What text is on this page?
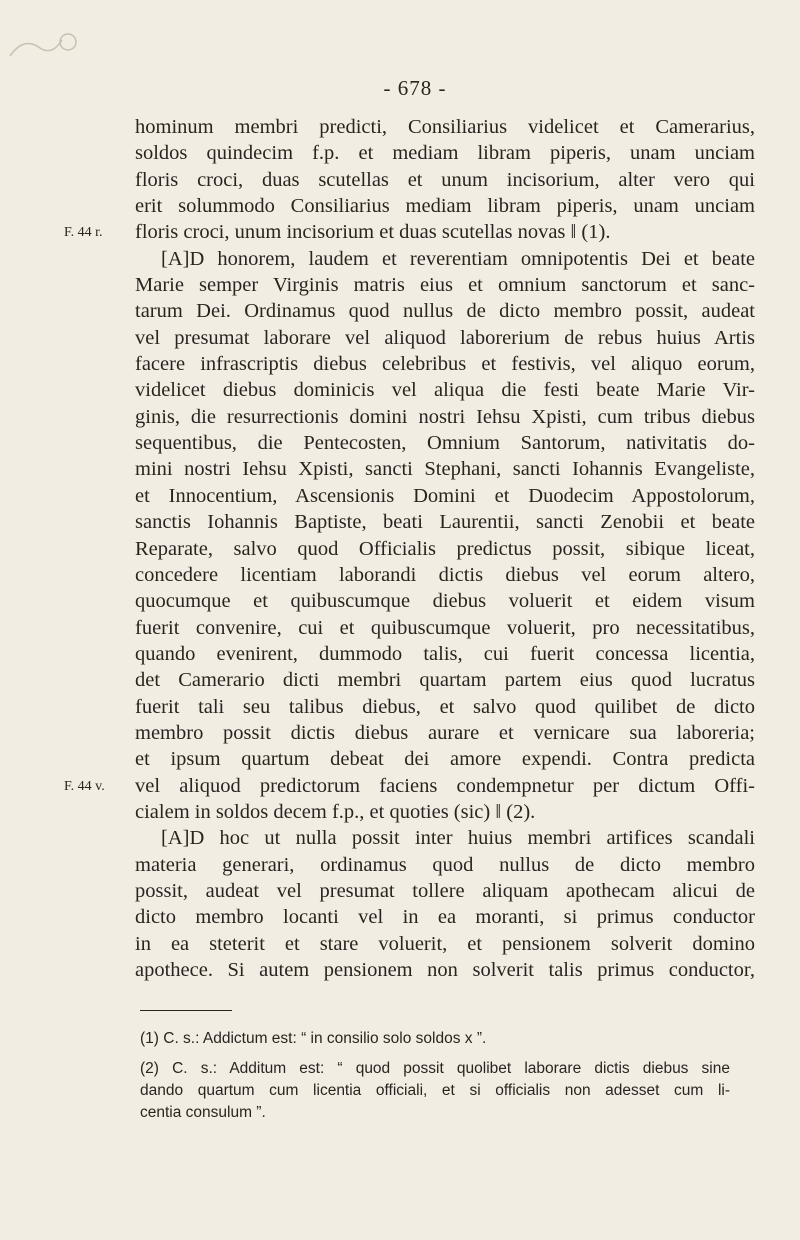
- 678 -
F. 44 r.
F. 44 v.
hominum membri predicti, Consiliarius videlicet et Camerarius,
soldos quindecim f.p. et mediam libram piperis, unam unciam
floris croci, duas scutellas et unum incisorium, alter vero qui
erit solummodo Consiliarius mediam libram piperis, unam unciam
floris croci, unum incisorium et duas scutellas novas ‖ (1).
[A]D honorem, laudem et reverentiam omnipotentis Dei et beate
Marie semper Virginis matris eius et omnium sanctorum et sanc-
tarum Dei. Ordinamus quod nullus de dicto membro possit, audeat
vel presumat laborare vel aliquod laborerium de rebus huius Artis
facere infrascriptis diebus celebribus et festivis, vel aliquo eorum,
videlicet diebus dominicis vel aliqua die festi beate Marie Vir-
ginis, die resurrectionis domini nostri Iehsu Xpisti, cum tribus diebus
sequentibus, die Pentecosten, Omnium Santorum, nativitatis do-
mini nostri Iehsu Xpisti, sancti Stephani, sancti Iohannis Evangeliste,
et Innocentium, Ascensionis Domini et Duodecim Appostolorum,
sanctis Iohannis Baptiste, beati Laurentii, sancti Zenobii et beate
Reparate, salvo quod Officialis predictus possit, sibique liceat,
concedere licentiam laborandi dictis diebus vel eorum altero,
quocumque et quibuscumque diebus voluerit et eidem visum
fuerit convenire, cui et quibuscumque voluerit, pro necessitatibus,
quando evenirent, dummodo talis, cui fuerit concessa licentia,
det Camerario dicti membri quartam partem eius quod lucratus
fuerit tali seu talibus diebus, et salvo quod quilibet de dicto
membro possit dictis diebus aurare et vernicare sua laboreria;
et ipsum quartum debeat dei amore expendi. Contra predicta
vel aliquod predictorum faciens condempnetur per dictum Offi-
cialem in soldos decem f.p., et quoties (sic) ‖ (2).
[A]D hoc ut nulla possit inter huius membri artifices scandali
materia generari, ordinamus quod nullus de dicto membro
possit, audeat vel presumat tollere aliquam apothecam alicui de
dicto membro locanti vel in ea moranti, si primus conductor
in ea steterit et stare voluerit, et pensionem solverit domino
apothece. Si autem pensionem non solverit talis primus conductor,
(1) C. s.: Addictum est: “ in consilio solo soldos x ”.
(2) C. s.: Additum est: “ quod possit quolibet laborare dictis diebus sine
dando quartum cum licentia officiali, et si officialis non adesset cum li-
centia consulum ”.
